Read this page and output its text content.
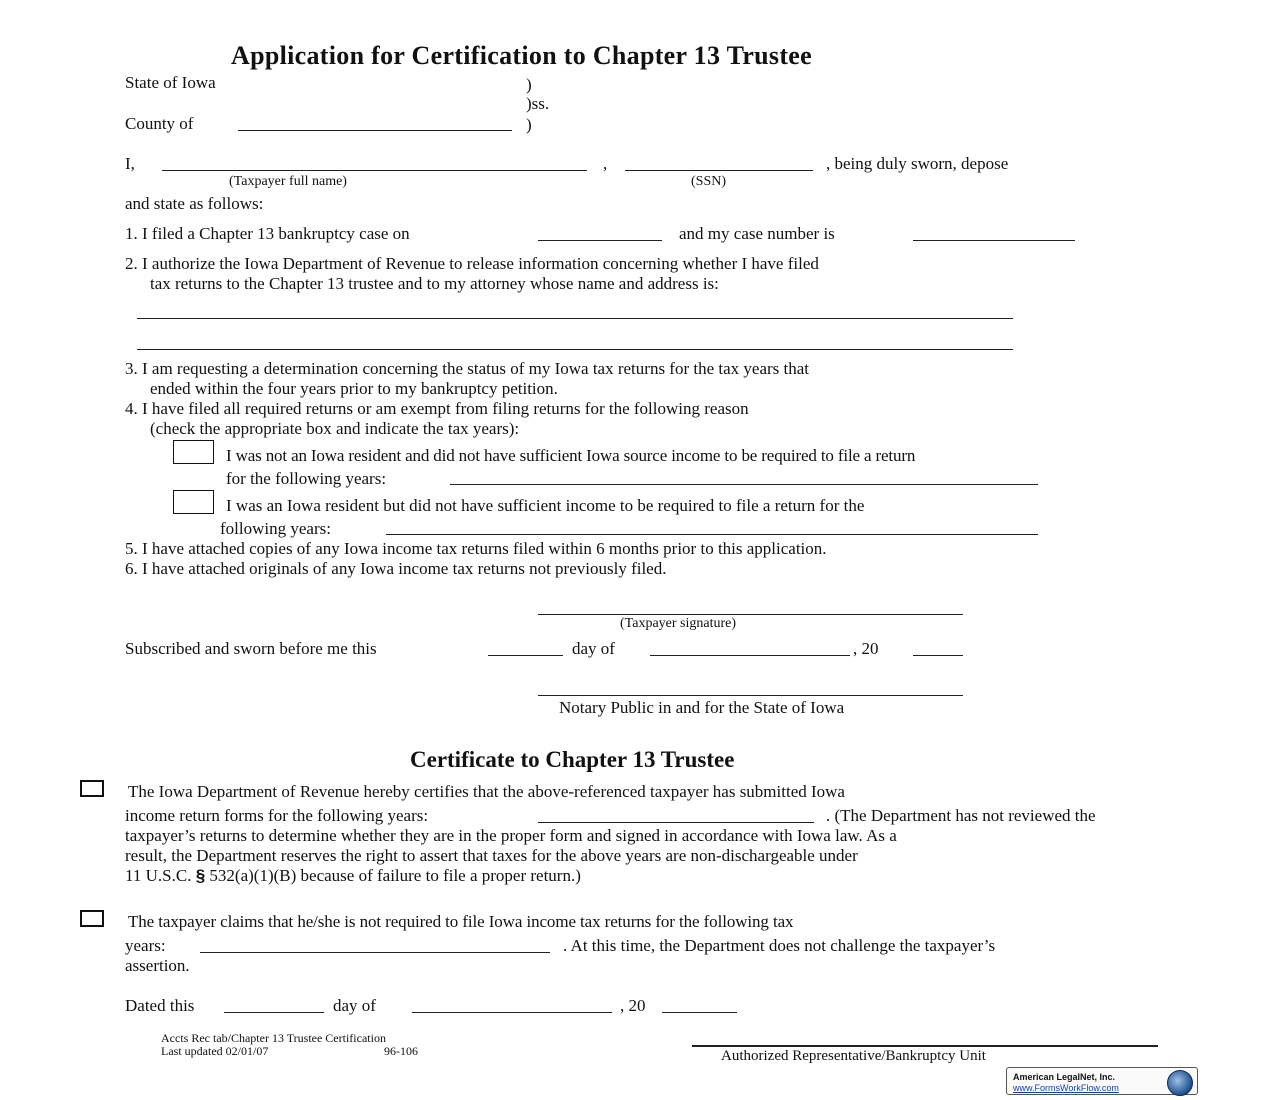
Application for Certification to Chapter 13 Trustee
State of Iowa	)
)ss.
County of	)
I,	,	, being duly sworn, depose
(Taxpayer full name)	(SSN)
and state as follows:
1. I filed a Chapter 13 bankruptcy case on	and my case number is
2. I authorize the Iowa Department of Revenue to release information concerning whether I have filed
tax returns to the Chapter 13 trustee and to my attorney whose name and address is:
3. I am requesting a determination concerning the status of my Iowa tax returns for the tax years that
ended within the four years prior to my bankruptcy petition.
4. I have filed all required returns or am exempt from filing returns for the following reason
(check the appropriate box and indicate the tax years):
I was not an Iowa resident and did not have sufficient Iowa source income to be required to file a return
for the following years:
I was an Iowa resident but did not have sufficient income to be required to file a return for the
following years:
5. I have attached copies of any Iowa income tax returns filed within 6 months prior to this application.
6. I have attached originals of any Iowa income tax returns not previously filed.
(Taxpayer signature)
Subscribed and sworn before me this	day of	, 20
Notary Public in and for the State of Iowa
Certificate to Chapter 13 Trustee
The Iowa Department of Revenue hereby certifies that the above-referenced taxpayer has submitted Iowa
income return forms for the following years:	. (The Department has not reviewed the
taxpayer’s returns to determine whether they are in the proper form and signed in accordance with Iowa law. As a
result, the Department reserves the right to assert that taxes for the above years are non-dischargeable under
11 U.S.C. § 532(a)(1)(B) because of failure to file a proper return.)
The taxpayer claims that he/she is not required to file Iowa income tax returns for the following tax
years:	. At this time, the Department does not challenge the taxpayer’s
assertion.
Dated this	day of	, 20
Accts Rec tab/Chapter 13 Trustee Certification
Last updated 02/01/07	96-106	Authorized Representative/Bankruptcy Unit
American LegalNet, Inc.
www.FormsWorkFlow.com
